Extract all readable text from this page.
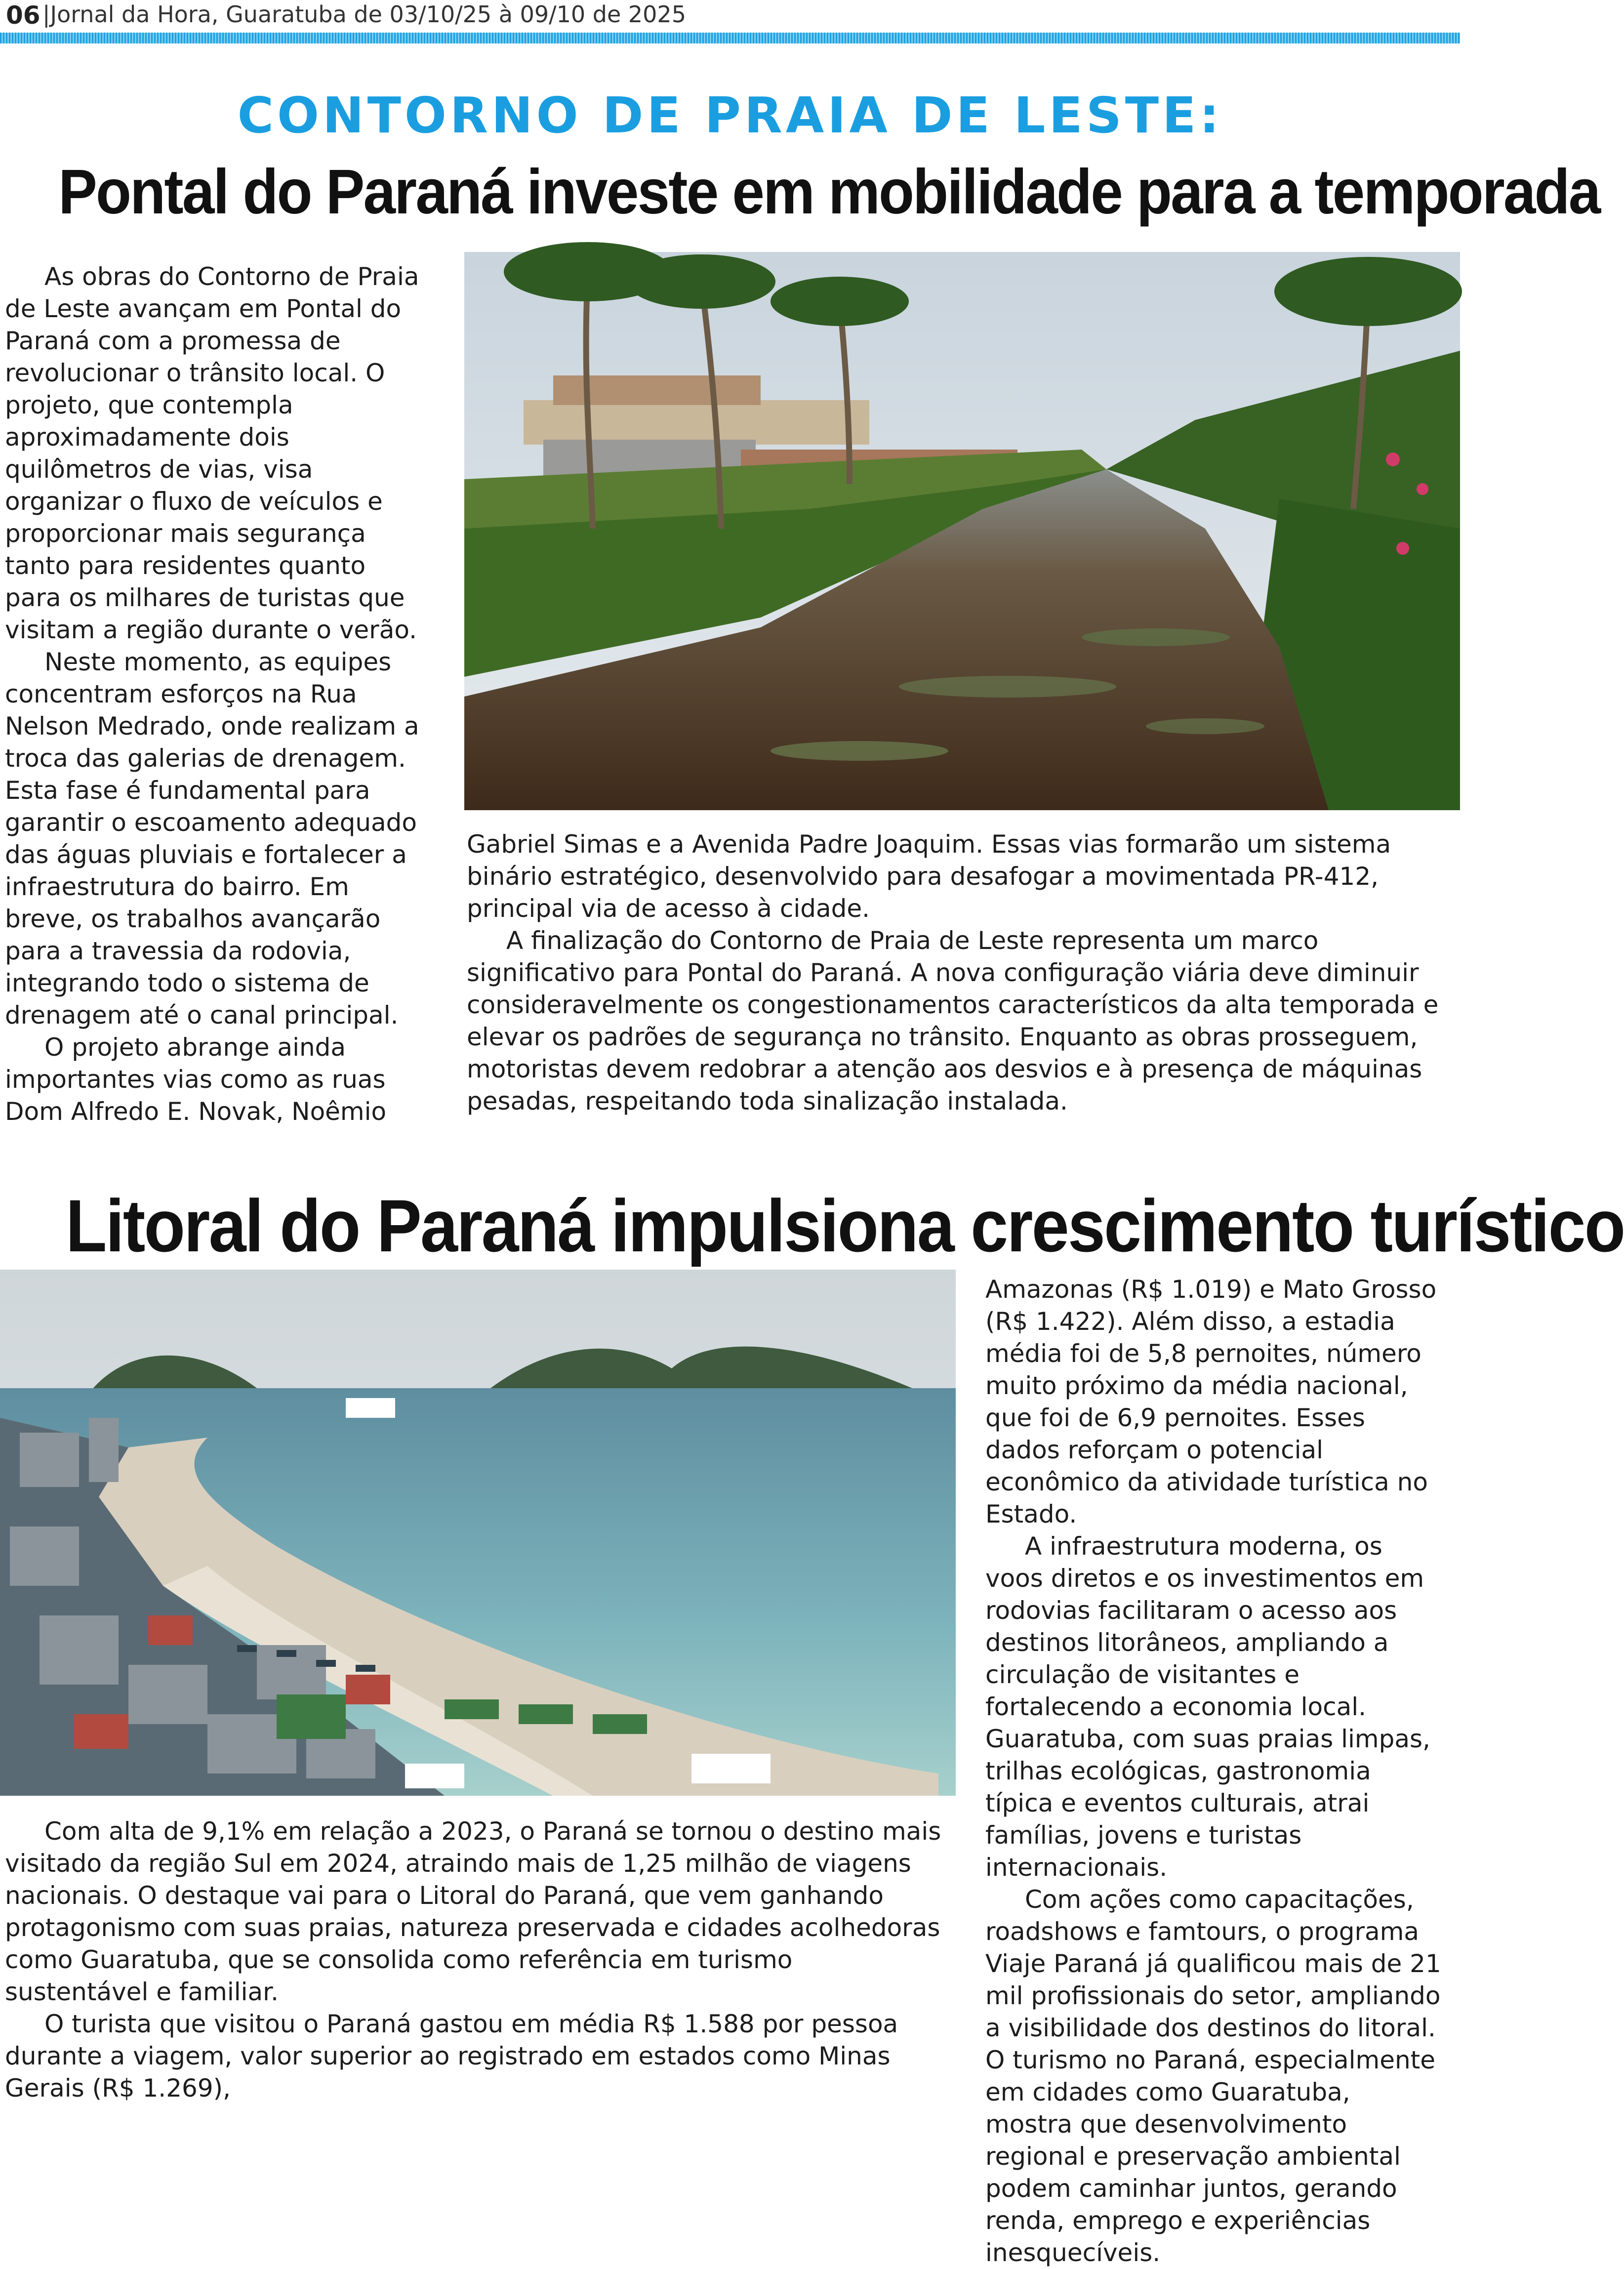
06 |Jornal da Hora, Guaratuba de 03/10/25 à 09/10 de 2025
CONTORNO DE PRAIA DE LESTE:
Pontal do Paraná investe em mobilidade para a temporada

As obras do Contorno de Praia de Leste avançam em Pontal do Paraná com a promessa de revolucionar o trânsito local. O projeto, que contempla aproximadamente dois quilômetros de vias, visa organizar o fluxo de veículos e proporcionar mais segurança tanto para residentes quanto para os milhares de turistas que visitam a região durante o verão.

Neste momento, as equipes concentram esforços na Rua Nelson Medrado, onde realizam a troca das galerias de drenagem. Esta fase é fundamental para garantir o escoamento adequado das águas pluviais e fortalecer a infraestrutura do bairro. Em breve, os trabalhos avançarão para a travessia da rodovia, integrando todo o sistema de drenagem até o canal principal.

O projeto abrange ainda importantes vias como as ruas Dom Alfredo E. Novak, Noêmio

Gabriel Simas e a Avenida Padre Joaquim. Essas vias formarão um sistema binário estratégico, desenvolvido para desafogar a movimentada PR-412, principal via de acesso à cidade.

A finalização do Contorno de Praia de Leste representa um marco significativo para Pontal do Paraná. A nova configuração viária deve diminuir consideravelmente os congestionamentos característicos da alta temporada e elevar os padrões de segurança no trânsito. Enquanto as obras prosseguem, motoristas devem redobrar a atenção aos desvios e à presença de máquinas pesadas, respeitando toda sinalização instalada.

Litoral do Paraná impulsiona crescimento turístico

Com alta de 9,1% em relação a 2023, o Paraná se tornou o destino mais visitado da região Sul em 2024, atraindo mais de 1,25 milhão de viagens nacionais. O destaque vai para o Litoral do Paraná, que vem ganhando protagonismo com suas praias, natureza preservada e cidades acolhedoras como Guaratuba, que se consolida como referência em turismo sustentável e familiar.

O turista que visitou o Paraná gastou em média R$ 1.588 por pessoa durante a viagem, valor superior ao registrado em estados como Minas Gerais (R$ 1.269),

Amazonas (R$ 1.019) e Mato Grosso (R$ 1.422). Além disso, a estadia média foi de 5,8 pernoites, número muito próximo da média nacional, que foi de 6,9 pernoites. Esses dados reforçam o potencial econômico da atividade turística no Estado.

A infraestrutura moderna, os voos diretos e os investimentos em rodovias facilitaram o acesso aos destinos litorâneos, ampliando a circulação de visitantes e fortalecendo a economia local. Guaratuba, com suas praias limpas, trilhas ecológicas, gastronomia típica e eventos culturais, atrai famílias, jovens e turistas internacionais.

Com ações como capacitações, roadshows e famtours, o programa Viaje Paraná já qualificou mais de 21 mil profissionais do setor, ampliando a visibilidade dos destinos do litoral. O turismo no Paraná, especialmente em cidades como Guaratuba, mostra que desenvolvimento regional e preservação ambiental podem caminhar juntos, gerando renda, emprego e experiências inesquecíveis.
